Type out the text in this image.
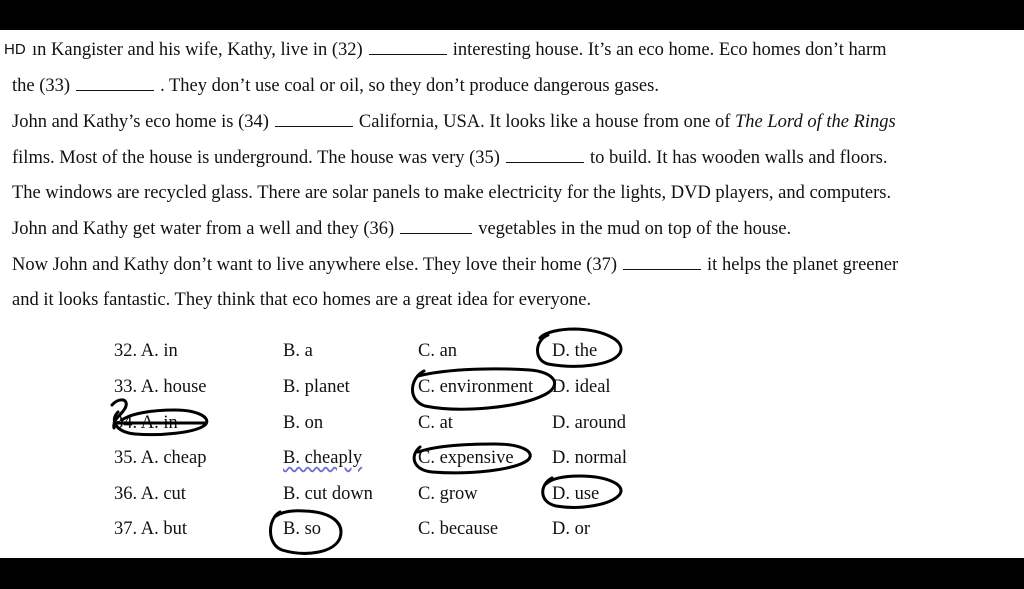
HD ın Kangister and his wife, Kathy, live in (32)	interesting house. It’s an eco home. Eco homes don’t harm
the (33)	. They don’t use coal or oil, so they don’t produce dangerous gases.
John and Kathy’s eco home is (34)	California, USA. It looks like a house from one of The Lord of the Rings
films. Most of the house is underground. The house was very (35)	to build. It has wooden walls and floors.
The windows are recycled glass. There are solar panels to make electricity for the lights, DVD players, and computers.
John and Kathy get water from a well and they (36)	vegetables in the mud on top of the house.
Now John and Kathy don’t want to live anywhere else. They love their home (37)	it helps the planet greener
and it looks fantastic. They think that eco homes are a great idea for everyone.
32. A. in	B. a	C. an	D. the
33. A. house	B. planet	C. environment D. ideal
34. A. in	B. on	C. at	D. around
35. A. cheap	B. cheaply	C. expensive D. normal
36. A. cut	B. cut down C. grow	D. use
37. A. but	B. so	C. because	D. or
